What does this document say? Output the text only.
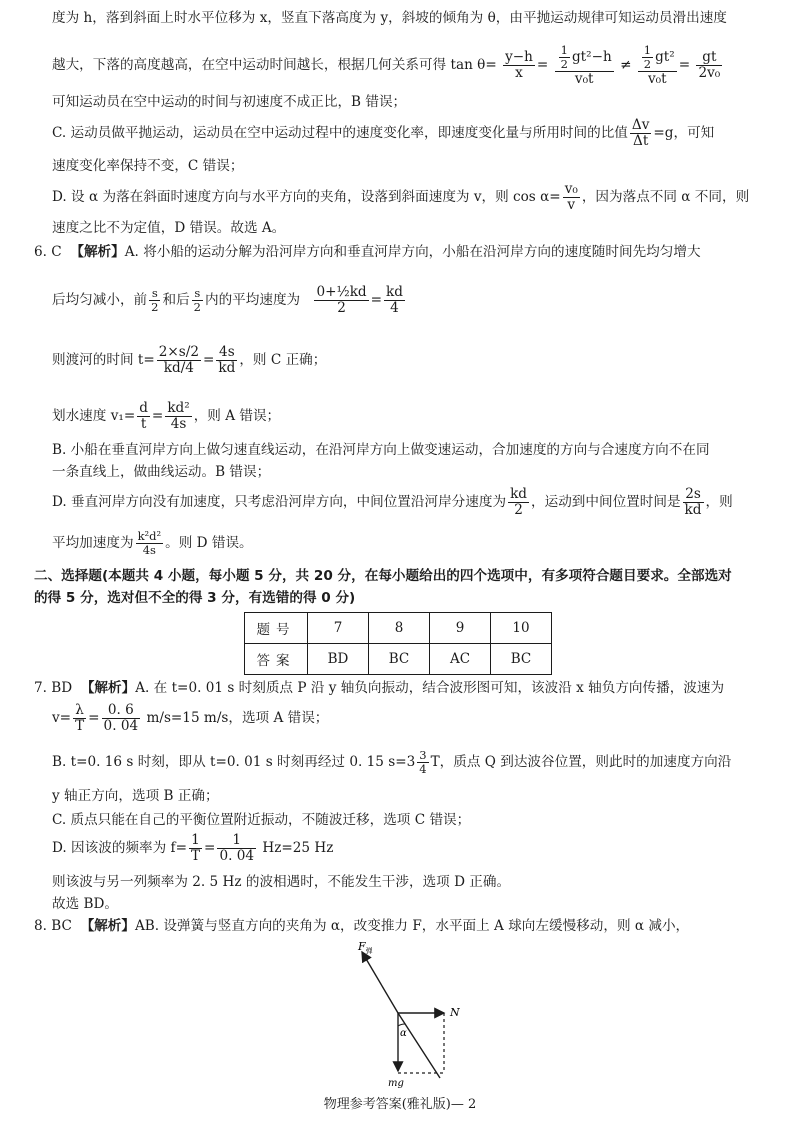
度为 h，落到斜面上时水平位移为 x，竖直下落高度为 y，斜坡的倾角为 θ，由平抛运动规律可知运动员滑出速度
越大，下落的高度越高，在空中运动时间越长，根据几何关系可得 $\tan \theta= \frac{y-h}{x} = \frac{\frac{1}{2} gt^2-h}{\text{v₀t}} \ne \frac{\frac{1}{2} gt^2}{\text{v₀t}} = \frac{gt}{\text{2v₀}}$
可知运动员在空中运动的时间与初速度不成正比，B 错误；
C. 运动员做平抛运动，运动员在空中运动过程中的速度变化率，即速度变化量与所用时间的比值 $\frac{\Delta v}{\Delta t} =g$，可知
速度变化率保持不变，C 错误；
D. 设 α 为落在斜面时速度方向与水平方向的夹角，设落到斜面速度为 v，则 $\cos \alpha= \frac{\text{v₀}}{v}$ ，因为落点不同 α 不同，则
速度之比不为定值，D 错误。故选 A。
6. C 【解析】A. 将小船的运动分解为沿河岸方向和垂直河岸方向，小船在沿河岸方向的速度随时间先均匀增大
后均匀减小，前 $\frac{s}{2}$ 和后 $\frac{s}{2}$ 内的平均速度为 $\frac{\text{0+½kd}}{2} = \frac{kd}{4}$
则渡河的时间 $t= \frac{2\times s/2}{kd/4} = \frac{4s}{kd}$ ，则 C 正确；
划水速度 $v_1= \frac{d}{t} = \frac{\text{kd²}}{4s}$ ，则 A 错误；
B. 小船在垂直河岸方向上做匀速直线运动，在沿河岸方向上做变速运动，合加速度的方向与合速度方向不在同
一条直线上，做曲线运动。B 错误；
D. 垂直河岸方向没有加速度，只考虑沿河岸方向，中间位置沿河岸分速度为 $\frac{kd}{2}$ ，运动到中间位置时间是 $\frac{2s}{kd}$ ，则
平均加速度为 $\frac{\text{k²d²}}{4s}$ 。则 D 错误。
二、选择题(本题共 4 小题，每小题 5 分，共 20 分，在每小题给出的四个选项中，有多项符合题目要求。全部选对
的得 5 分，选对但不全的得 3 分，有选错的得 0 分)
题号	7	8	9	10
答案	BD	BC	AC	BC
7. BD 【解析】A. 在 t=0. 01 s 时刻质点 P 沿 y 轴负向振动，结合波形图可知，该波沿 x 轴负方向传播，波速为
$v= \frac{\lambda}{T} = \frac{0. 6}{0. 04} m/s=15$ m/s，选项 A 错误；
B. t=0. 16 s 时刻，即从 t=0. 01 s 时刻再经过 0. 15 $s=3 \frac{3}{4}$ T，质点 Q 到达波谷位置，则此时的加速度方向沿
y 轴正方向，选项 B 正确；
C. 质点只能在自己的平衡位置附近振动，不随波迁移，选项 C 错误；
D. 因该波的频率为 $f= \frac{1}{T} = \frac{1}{0. 04} Hz=25$ Hz
则该波与另一列频率为 2. 5 Hz 的波相遇时，不能发生干涉，选项 D 正确。
故选 BD。
8. BC 【解析】AB. 设弹簧与竖直方向的夹角为 α，改变推力 F，水平面上 A 球向左缓慢移动，则 α 减小，
$F_弹$
N
α
mg
物理参考答案(雅礼版)— 2
